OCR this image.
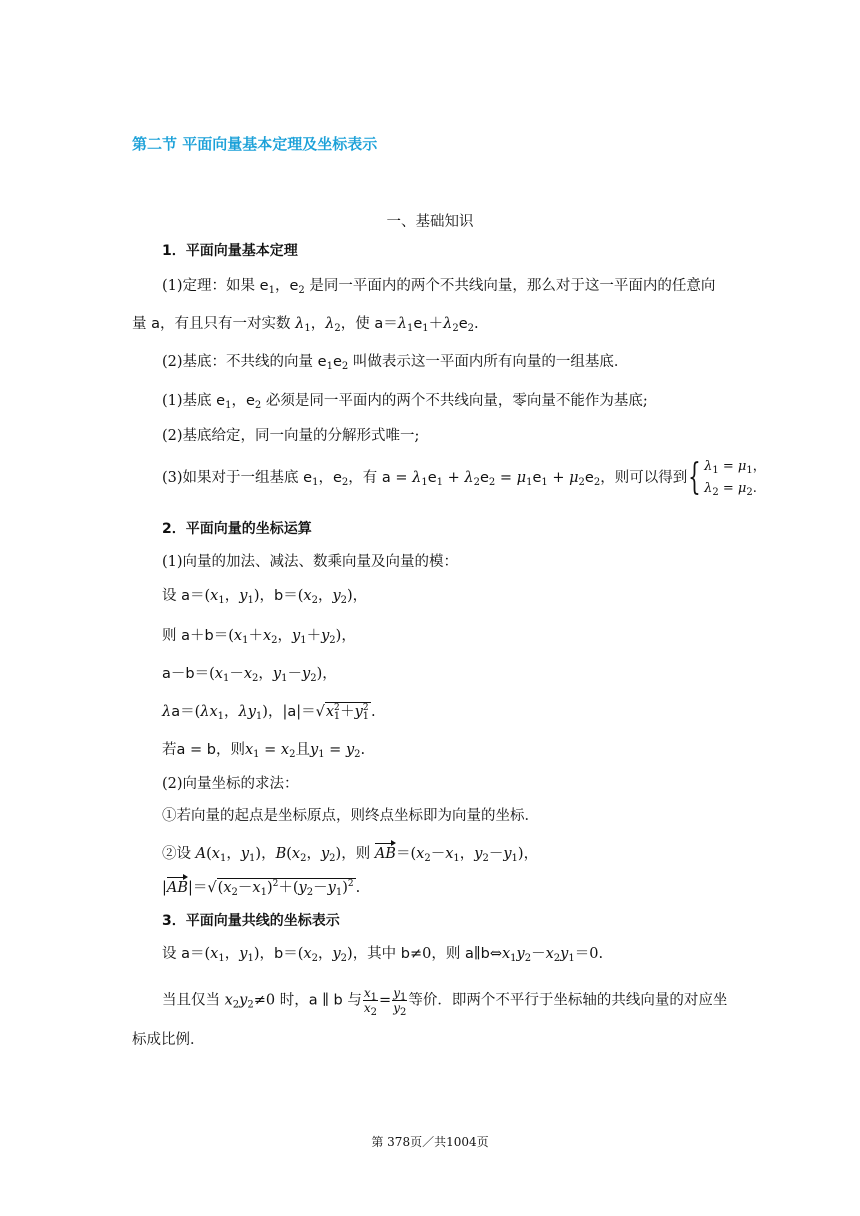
第二节 平面向量基本定理及坐标表示
一、基础知识
1．平面向量基本定理
(1)定理：如果 $e_1$，$e_2$ 是同一平面内的两个不共线向量，那么对于这一平面内的任意向
量 a，有且只有一对实数 $\lambda_1$，$\lambda_2$，使 $a=\lambda_1e_1+\lambda_2e_2$.
(2)基底：不共线的向量 $e_1e_2$ 叫做表示这一平面内所有向量的一组基底．
(1)基底 $e_1$，$e_2$ 必须是同一平面内的两个不共线向量，零向量不能作为基底;
(2)基底给定，同一向量的分解形式唯一;
(3)如果对于一组基底 $e_1$，$e_2$，有 $a = \lambda_1e_1 + \lambda_2e_2 = \mu_1e_1 + \mu_2e_2$，则可以得到{ $\lambda_1 = \mu_1$，
$\lambda_2 = \mu_2$.
2．平面向量的坐标运算
(1)向量的加法、减法、数乘向量及向量的模：
设 $a=(x_1$，$y_1$)，$b=(x_2$，$y_2$)，
则 $a+b=(x_1+x_2$，$y_1+y_2$)，
$a-b=(x_1-x_2$，$y_1-y_2$)，
$\lambda a=(\lambda x_1$，$\lambda y_1$)，$|a|=√x^2_1+y^2_1$ .
若a = b，则$x_1 = x_2$且$y_1 = y_2$.
(2)向量坐标的求法：
①若向量的起点是坐标原点，则终点坐标即为向量的坐标．
②设 $A(x_1$，$y_1$)，$B(x_2$，$y_2$)，则 $AB=(x_2-x_1$，$y_2-y_1$)，
$|AB|=√(x_2-x_1)^2+(y_2-y_1)^2$ .
3．平面向量共线的坐标表示
设 $a=(x_1$，$y_1$)，$b=(x_2$，$y_2$)，其中 b≠0，则 $a\parallel b\Leftrightarrow x_1y_2-x_2y_1=0$.
当且仅当 $x_2y_2\ne 0$ 时，a ∥ b 与 $\frac{x_1}{x_2} = \frac{y_1}{y_2}$ 等价．即两个不平行于坐标轴的共线向量的对应坐
标成比例．
第 378页／共1004页
